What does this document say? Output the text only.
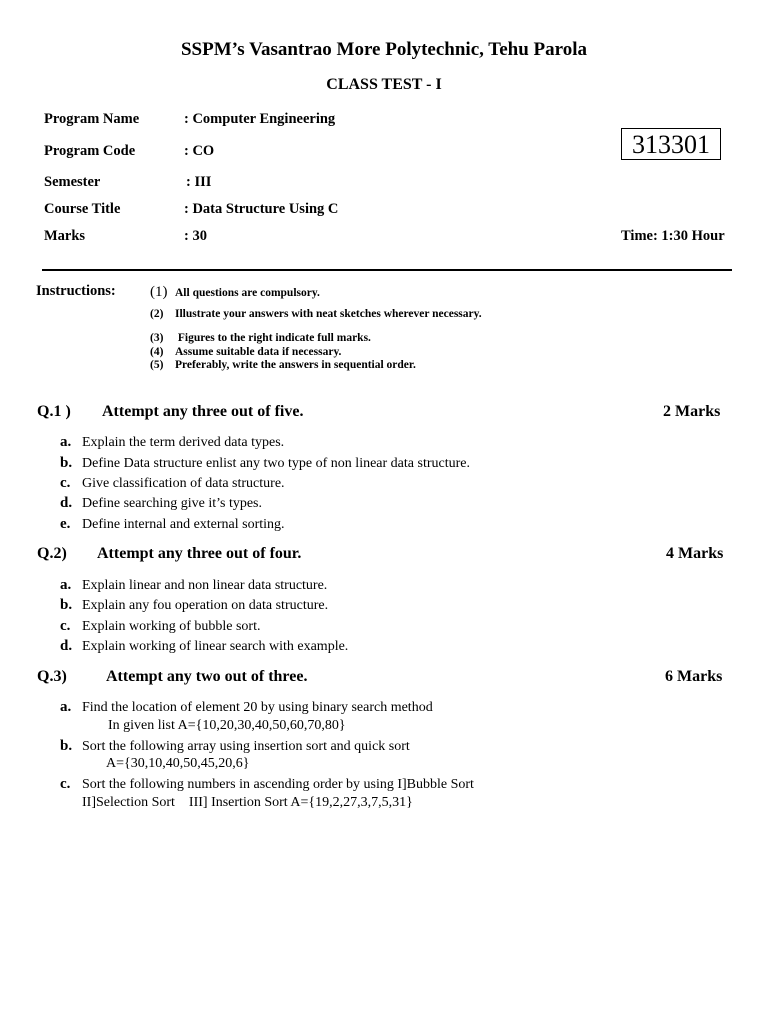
SSPM’s Vasantrao More Polytechnic, Tehu Parola
CLASS TEST - I
Program Name	: Computer Engineering
Program Code	: CO
Semester	: III
Course Title	: Data Structure Using C
Marks	: 30
313301
Time: 1:30 Hour
Instructions: (1) All questions are compulsory.
(2) Illustrate your answers with neat sketches wherever necessary.
(3) Figures to the right indicate full marks.
(4) Assume suitable data if necessary.
(5) Preferably, write the answers in sequential order.
Q.1 ) Attempt any three out of five.	2 Marks
a. Explain the term derived data types.
b. Define Data structure enlist any two type of non linear data structure.
c. Give classification of data structure.
d. Define searching give it’s types.
e. Define internal and external sorting.
Q.2) Attempt any three out of four.	4 Marks
a. Explain linear and non linear data structure.
b. Explain any fou operation on data structure.
c. Explain working of bubble sort.
d. Explain working of linear search with example.
Q.3) Attempt any two out of three.	6 Marks
a. Find the location of element 20 by using binary search method
In given list A={10,20,30,40,50,60,70,80}
b. Sort the following array using insertion sort and quick sort
A={30,10,40,50,45,20,6}
c. Sort the following numbers in ascending order by using I]Bubble Sort
II]Selection Sort    III] Insertion Sort A={19,2,27,3,7,5,31}
